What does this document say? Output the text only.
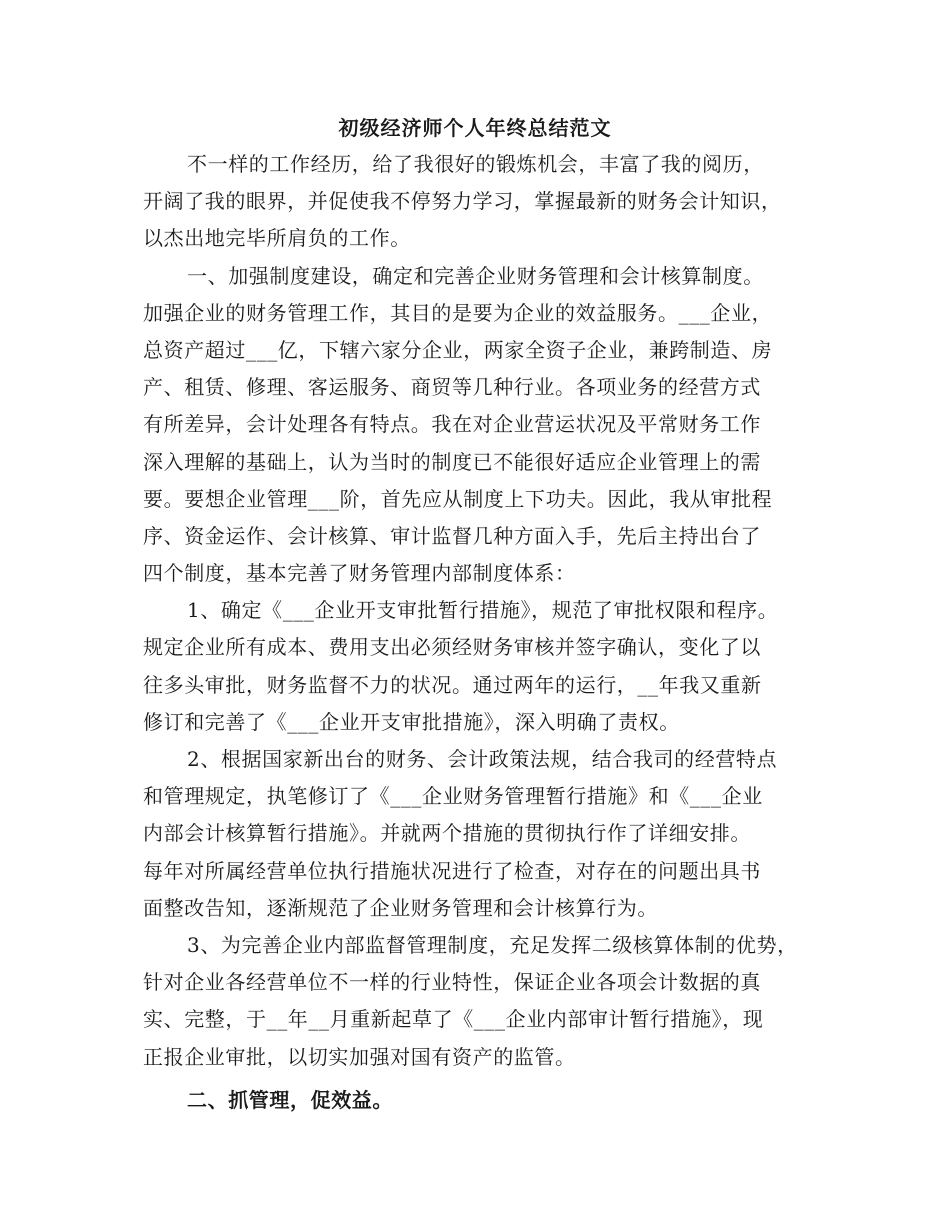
初级经济师个人年终总结范文
不一样的工作经历，给了我很好的锻炼机会，丰富了我的阅历，
开阔了我的眼界，并促使我不停努力学习，掌握最新的财务会计知识，
以杰出地完毕所肩负的工作。
一、加强制度建设，确定和完善企业财务管理和会计核算制度。
加强企业的财务管理工作，其目的是要为企业的效益服务。___企业，
总资产超过___亿，下辖六家分企业，两家全资子企业，兼跨制造、房
产、租赁、修理、客运服务、商贸等几种行业。各项业务的经营方式
有所差异，会计处理各有特点。我在对企业营运状况及平常财务工作
深入理解的基础上，认为当时的制度已不能很好适应企业管理上的需
要。要想企业管理___阶，首先应从制度上下功夫。因此，我从审批程
序、资金运作、会计核算、审计监督几种方面入手，先后主持出台了
四个制度，基本完善了财务管理内部制度体系：
1、确定《___企业开支审批暂行措施》，规范了审批权限和程序。
规定企业所有成本、费用支出必须经财务审核并签字确认，变化了以
往多头审批，财务监督不力的状况。通过两年的运行，__年我又重新
修订和完善了《___企业开支审批措施》，深入明确了责权。
2、根据国家新出台的财务、会计政策法规，结合我司的经营特点
和管理规定，执笔修订了《___企业财务管理暂行措施》和《___企业
内部会计核算暂行措施》。并就两个措施的贯彻执行作了详细安排。
每年对所属经营单位执行措施状况进行了检查，对存在的问题出具书
面整改告知，逐渐规范了企业财务管理和会计核算行为。
3、为完善企业内部监督管理制度，充足发挥二级核算体制的优势，
针对企业各经营单位不一样的行业特性，保证企业各项会计数据的真
实、完整，于__年__月重新起草了《___企业内部审计暂行措施》，现
正报企业审批，以切实加强对国有资产的监管。
二、抓管理，促效益。
